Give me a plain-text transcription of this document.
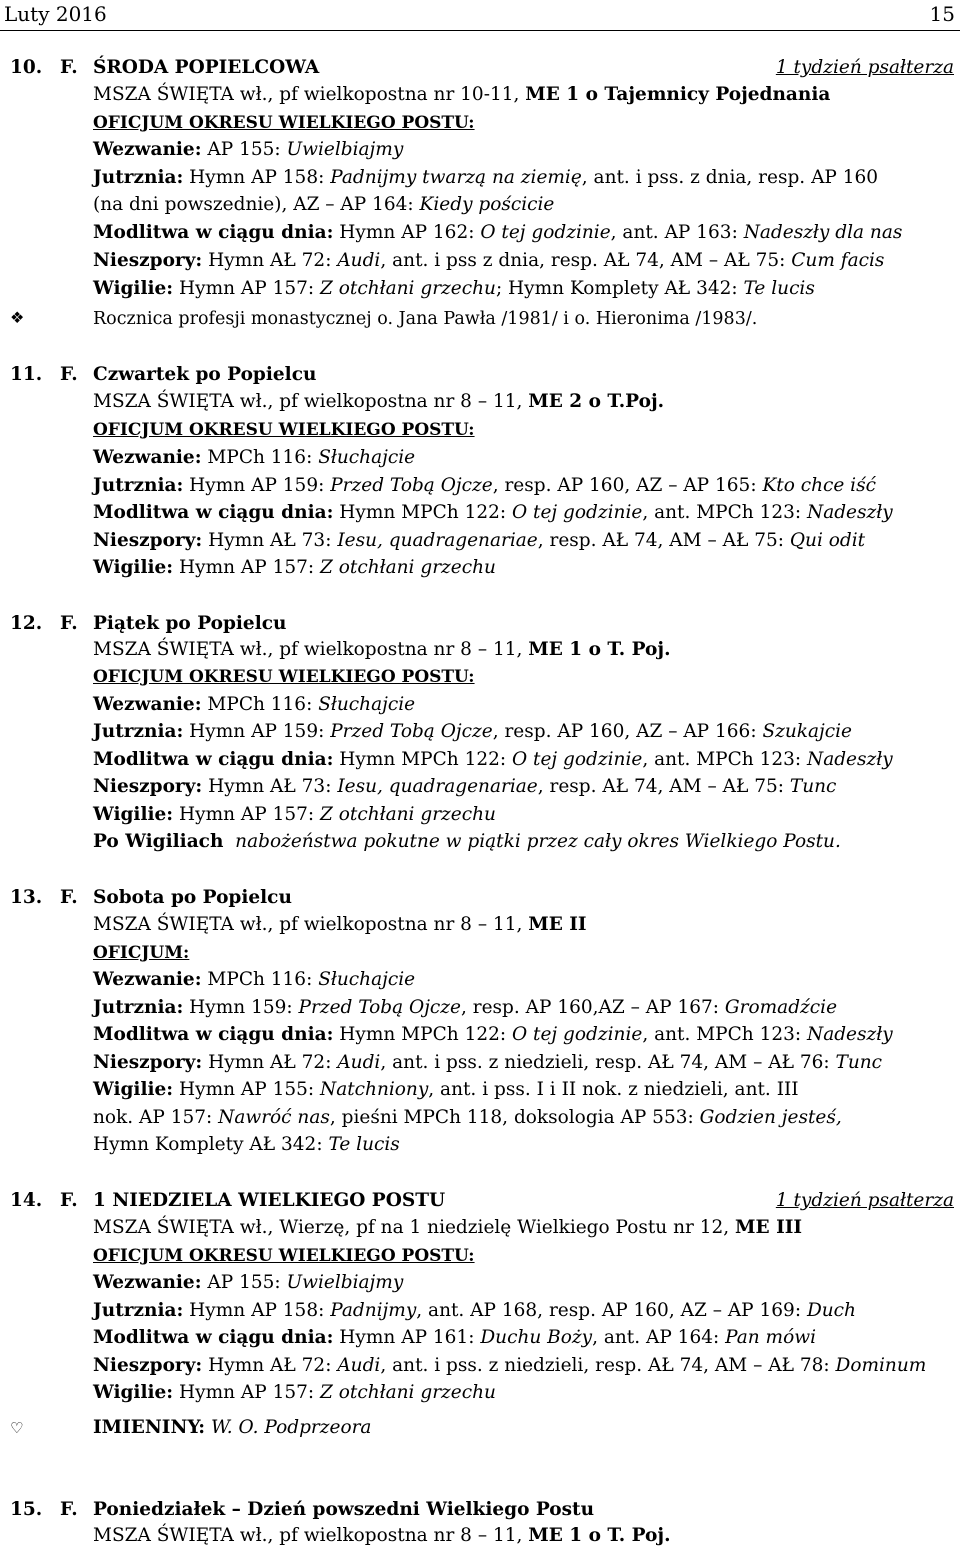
Luty 2016	15
10. F. ŚRODA POPIELCOWA	1 tydzień psałterza
MSZA ŚWIĘTA wł., pf wielkopostna nr 10-11, ME 1 o Tajemnicy Pojednania
OFICJUM OKRESU WIELKIEGO POSTU:
Wezwanie: AP 155: Uwielbiajmy
Jutrznia: Hymn AP 158: Padnijmy twarzą na ziemię, ant. i pss. z dnia, resp. AP 160
(na dni powszednie), AZ – AP 164: Kiedy pościcie
Modlitwa w ciągu dnia: Hymn AP 162: O tej godzinie, ant. AP 163: Nadeszły dla nas
Nieszpory: Hymn AŁ 72: Audi, ant. i pss z dnia, resp. AŁ 74, AM – AŁ 75: Cum facis
Wigilie: Hymn AP 157: Z otchłani grzechu; Hymn Komplety AŁ 342: Te lucis
❖	Rocznica profesji monastycznej o. Jana Pawła /1981/ i o. Hieronima /1983/.
11. F. Czwartek po Popielcu
MSZA ŚWIĘTA wł., pf wielkopostna nr 8 – 11, ME 2 o T.Poj.
OFICJUM OKRESU WIELKIEGO POSTU:
Wezwanie: MPCh 116: Słuchajcie
Jutrznia: Hymn AP 159: Przed Tobą Ojcze, resp. AP 160, AZ – AP 165: Kto chce iść
Modlitwa w ciągu dnia: Hymn MPCh 122: O tej godzinie, ant. MPCh 123: Nadeszły
Nieszpory: Hymn AŁ 73: Iesu, quadragenariae, resp. AŁ 74, AM – AŁ 75: Qui odit
Wigilie: Hymn AP 157: Z otchłani grzechu
12. F. Piątek po Popielcu
MSZA ŚWIĘTA wł., pf wielkopostna nr 8 – 11, ME 1 o T. Poj.
OFICJUM OKRESU WIELKIEGO POSTU:
Wezwanie: MPCh 116: Słuchajcie
Jutrznia: Hymn AP 159: Przed Tobą Ojcze, resp. AP 160, AZ – AP 166: Szukajcie
Modlitwa w ciągu dnia: Hymn MPCh 122: O tej godzinie, ant. MPCh 123: Nadeszły
Nieszpory: Hymn AŁ 73: Iesu, quadragenariae, resp. AŁ 74, AM – AŁ 75: Tunc
Wigilie: Hymn AP 157: Z otchłani grzechu
Po Wigiliach nabożeństwa pokutne w piątki przez cały okres Wielkiego Postu.
13. F. Sobota po Popielcu
MSZA ŚWIĘTA wł., pf wielkopostna nr 8 – 11, ME II
OFICJUM:
Wezwanie: MPCh 116: Słuchajcie
Jutrznia: Hymn 159: Przed Tobą Ojcze, resp. AP 160,AZ – AP 167: Gromadźcie
Modlitwa w ciągu dnia: Hymn MPCh 122: O tej godzinie, ant. MPCh 123: Nadeszły
Nieszpory: Hymn AŁ 72: Audi, ant. i pss. z niedzieli, resp. AŁ 74, AM – AŁ 76: Tunc
Wigilie: Hymn AP 155: Natchniony, ant. i pss. I i II nok. z niedzieli, ant. III
nok. AP 157: Nawróć nas, pieśni MPCh 118, doksologia AP 553: Godzien jesteś,
Hymn Komplety AŁ 342: Te lucis
14. F. 1 NIEDZIELA WIELKIEGO POSTU	1 tydzień psałterza
MSZA ŚWIĘTA wł., Wierzę, pf na 1 niedzielę Wielkiego Postu nr 12, ME III
OFICJUM OKRESU WIELKIEGO POSTU:
Wezwanie: AP 155: Uwielbiajmy
Jutrznia: Hymn AP 158: Padnijmy, ant. AP 168, resp. AP 160, AZ – AP 169: Duch
Modlitwa w ciągu dnia: Hymn AP 161: Duchu Boży, ant. AP 164: Pan mówi
Nieszpory: Hymn AŁ 72: Audi, ant. i pss. z niedzieli, resp. AŁ 74, AM – AŁ 78: Dominum
Wigilie: Hymn AP 157: Z otchłani grzechu
♡	IMIENINY: W. O. Podprzeora
15. F. Poniedziałek – Dzień powszedni Wielkiego Postu
MSZA ŚWIĘTA wł., pf wielkopostna nr 8 – 11, ME 1 o T. Poj.
